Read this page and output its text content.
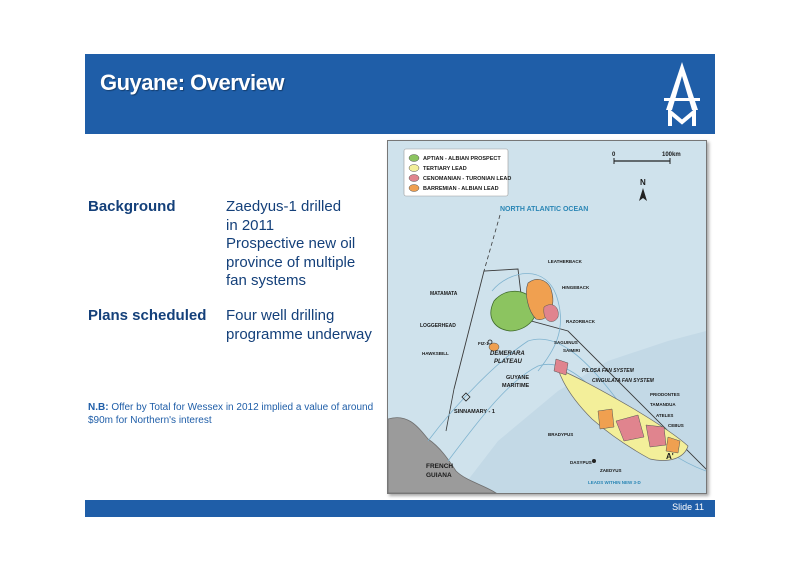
Guyane: Overview
Background	Zaedyus-1 drilled
in 2011
Prospective new oil
province of multiple
fan systems
Plans scheduled Four well drilling
programme underway
N.B: Offer by Total for Wessex in 2012 implied a value of around $90m for Northern's interest
APTIAN - ALBIAN PROSPECT
TERTIARY LEAD
CENOMANIAN - TURONIAN LEAD
BARREMIAN - ALBIAN LEAD
0	100km
N
NORTH ATLANTIC OCEAN
LEATHERBACK
HINGEBACK
MATAMATA
RAZORBACK
LOGGERHEAD
SAGUINUS
SAIMIRI
HAWKSBILL
FIZ-1
DEMERARA
PLATEAU
GUYANE
MARITIME
PILOSA FAN SYSTEM
CINGULATA FAN SYSTEM
PRIODONTES
TAMANDUA
ATELES
CEBUS
SINNAMARY - 1
BRADYPUS
DASYPUS
ZAEDYUS
A'
FRENCH
GUIANA
LEADS WITHIN NEW 3-D
Slide 11
